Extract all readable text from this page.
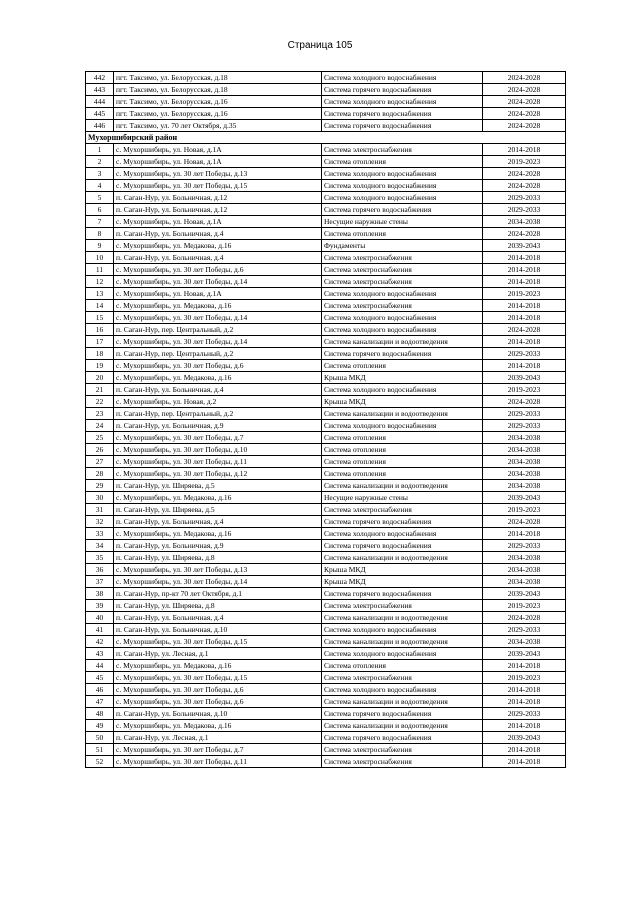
Страница 105
442	пгт. Таксимо, ул. Белорусская, д.18	Система холодного водоснабжения	2024-2028
443	пгт. Таксимо, ул. Белорусская, д.18	Система горячего водоснабжения	2024-2028
444	пгт. Таксимо, ул. Белорусская, д.16	Система холодного водоснабжения	2024-2028
445	пгт. Таксимо, ул. Белорусская, д.16	Система горячего водоснабжения	2024-2028
446	пгт. Таксимо, ул. 70 лет Октября, д.35	Система горячего водоснабжения	2024-2028
Мухоршибирский район			
1	с. Мухоршибирь, ул. Новая, д.1А	Система электроснабжения	2014-2018
2	с. Мухоршибирь, ул. Новая, д.1А	Система отопления	2019-2023
3	с. Мухоршибирь, ул. 30 лет Победы, д.13	Система холодного водоснабжения	2024-2028
4	с. Мухоршибирь, ул. 30 лет Победы, д.15	Система холодного водоснабжения	2024-2028
5	п. Саган-Нур, ул. Больничная, д.12	Система холодного водоснабжения	2029-2033
6	п. Саган-Нур, ул. Больничная, д.12	Система горячего водоснабжения	2029-2033
7	с. Мухоршибирь, ул. Новая, д.1А	Несущие наружные стены	2034-2038
8	п. Саган-Нур, ул. Больничная, д.4	Система отопления	2024-2028
9	с. Мухоршибирь, ул. Медакова, д.16	Фундаменты	2039-2043
10	п. Саган-Нур, ул. Больничная, д.4	Система электроснабжения	2014-2018
11	с. Мухоршибирь, ул. 30 лет Победы, д.6	Система электроснабжения	2014-2018
12	с. Мухоршибирь, ул. 30 лет Победы, д.14	Система электроснабжения	2014-2018
13	с. Мухоршибирь, ул. Новая, д.1А	Система холодного водоснабжения	2019-2023
14	с. Мухоршибирь, ул. Медакова, д.16	Система электроснабжения	2014-2018
15	с. Мухоршибирь, ул. 30 лет Победы, д.14	Система холодного водоснабжения	2014-2018
16	п. Саган-Нур, пер. Центральный, д.2	Система холодного водоснабжения	2024-2028
17	с. Мухоршибирь, ул. 30 лет Победы, д.14	Система канализации и водоотведения	2014-2018
18	п. Саган-Нур, пер. Центральный, д.2	Система горячего водоснабжения	2029-2033
19	с. Мухоршибирь, ул. 30 лет Победы, д.6	Система отопления	2014-2018
20	с. Мухоршибирь, ул. Медакова, д.16	Крыша МКД	2039-2043
21	п. Саган-Нур, ул. Больничная, д.4	Система холодного водоснабжения	2019-2023
22	с. Мухоршибирь, ул. Новая, д.2	Крыша МКД	2024-2028
23	п. Саган-Нур, пер. Центральный, д.2	Система канализации и водоотведения	2029-2033
24	п. Саган-Нур, ул. Больничная, д.9	Система холодного водоснабжения	2029-2033
25	с. Мухоршибирь, ул. 30 лет Победы, д.7	Система отопления	2034-2038
26	с. Мухоршибирь, ул. 30 лет Победы, д.10	Система отопления	2034-2038
27	с. Мухоршибирь, ул. 30 лет Победы, д.11	Система отопления	2034-2038
28	с. Мухоршибирь, ул. 30 лет Победы, д.12	Система отопления	2034-2038
29	п. Саган-Нур, ул. Ширяева, д.5	Система канализации и водоотведения	2034-2038
30	с. Мухоршибирь, ул. Медакова, д.16	Несущие наружные стены	2039-2043
31	п. Саган-Нур, ул. Ширяева, д.5	Система электроснабжения	2019-2023
32	п. Саган-Нур, ул. Больничная, д.4	Система горячего водоснабжения	2024-2028
33	с. Мухоршибирь, ул. Медакова, д.16	Система холодного водоснабжения	2014-2018
34	п. Саган-Нур, ул. Больничная, д.9	Система горячего водоснабжения	2029-2033
35	п. Саган-Нур, ул. Ширяева, д.8	Система канализации и водоотведения	2034-2038
36	с. Мухоршибирь, ул. 30 лет Победы, д.13	Крыша МКД	2034-2038
37	с. Мухоршибирь, ул. 30 лет Победы, д.14	Крыша МКД	2034-2038
38	п. Саган-Нур, пр-кт 70 лет Октября, д.1	Система горячего водоснабжения	2039-2043
39	п. Саган-Нур, ул. Ширяева, д.8	Система электроснабжения	2019-2023
40	п. Саган-Нур, ул. Больничная, д.4	Система канализации и водоотведения	2024-2028
41	п. Саган-Нур, ул. Больничная, д.10	Система холодного водоснабжения	2029-2033
42	с. Мухоршибирь, ул. 30 лет Победы, д.15	Система канализации и водоотведения	2034-2038
43	п. Саган-Нур, ул. Лесная, д.1	Система холодного водоснабжения	2039-2043
44	с. Мухоршибирь, ул. Медакова, д.16	Система отопления	2014-2018
45	с. Мухоршибирь, ул. 30 лет Победы, д.15	Система электроснабжения	2019-2023
46	с. Мухоршибирь, ул. 30 лет Победы, д.6	Система холодного водоснабжения	2014-2018
47	с. Мухоршибирь, ул. 30 лет Победы, д.6	Система канализации и водоотведения	2014-2018
48	п. Саган-Нур, ул. Больничная, д.10	Система горячего водоснабжения	2029-2033
49	с. Мухоршибирь, ул. Медакова, д.16	Система канализации и водоотведения	2014-2018
50	п. Саган-Нур, ул. Лесная, д.1	Система горячего водоснабжения	2039-2043
51	с. Мухоршибирь, ул. 30 лет Победы, д.7	Система электроснабжения	2014-2018
52	с. Мухоршибирь, ул. 30 лет Победы, д.11	Система электроснабжения	2014-2018
